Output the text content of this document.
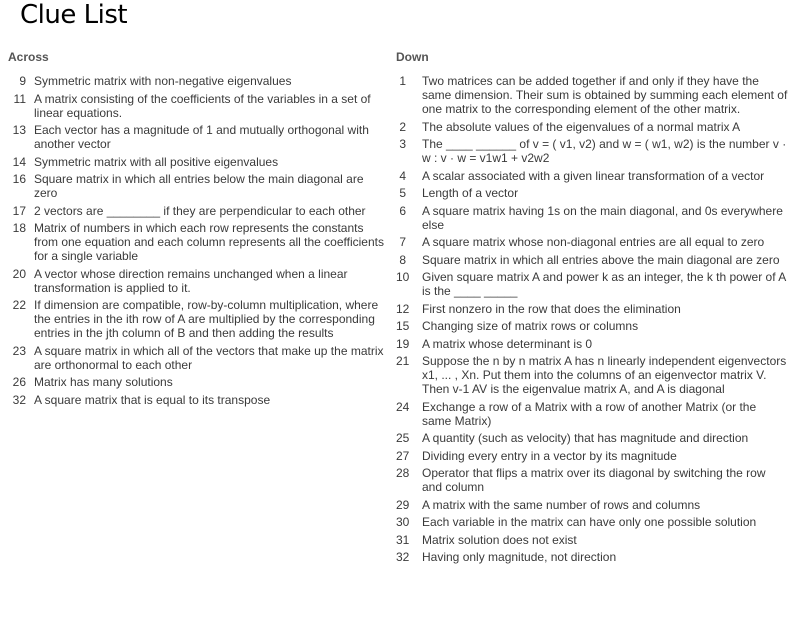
Clue List
Across
9 Symmetric matrix with non-negative eigenvalues
11 A matrix consisting of the coefficients of the variables in a set of linear equations.
13 Each vector has a magnitude of 1 and mutually orthogonal with another vector
14 Symmetric matrix with all positive eigenvalues
16 Square matrix in which all entries below the main diagonal are zero
17 2 vectors are ________ if they are perpendicular to each other
18 Matrix of numbers in which each row represents the constants from one equation and each column represents all the coefficients for a single variable
20 A vector whose direction remains unchanged when a linear transformation is applied to it.
22 If dimension are compatible, row-by-column multiplication, where the entries in the ith row of A are multiplied by the corresponding entries in the jth column of B and then adding the results
23 A square matrix in which all of the vectors that make up the matrix are orthonormal to each other
26 Matrix has many solutions
32 A square matrix that is equal to its transpose
Down
1 Two matrices can be added together if and only if they have the same dimension. Their sum is obtained by summing each element of one matrix to the corresponding element of the other matrix.
2 The absolute values of the eigenvalues of a normal matrix A
3 The ____ ______ of v = ( v1, v2) and w = ( w1, w2) is the number v · w : v · w = v1w1 + v2w2
4 A scalar associated with a given linear transformation of a vector
5 Length of a vector
6 A square matrix having 1s on the main diagonal, and 0s everywhere else
7 A square matrix whose non-diagonal entries are all equal to zero
8 Square matrix in which all entries above the main diagonal are zero
10 Given square matrix A and power k as an integer, the k th power of A is the ____ _____
12 First nonzero in the row that does the elimination
15 Changing size of matrix rows or columns
19 A matrix whose determinant is 0
21 Suppose the n by n matrix A has n linearly independent eigenvectors x1, ... , Xn. Put them into the columns of an eigenvector matrix V. Then v-1 AV is the eigenvalue matrix A, and A is diagonal
24 Exchange a row of a Matrix with a row of another Matrix (or the same Matrix)
25 A quantity (such as velocity) that has magnitude and direction
27 Dividing every entry in a vector by its magnitude
28 Operator that flips a matrix over its diagonal by switching the row and column
29 A matrix with the same number of rows and columns
30 Each variable in the matrix can have only one possible solution
31 Matrix solution does not exist
32 Having only magnitude, not direction
